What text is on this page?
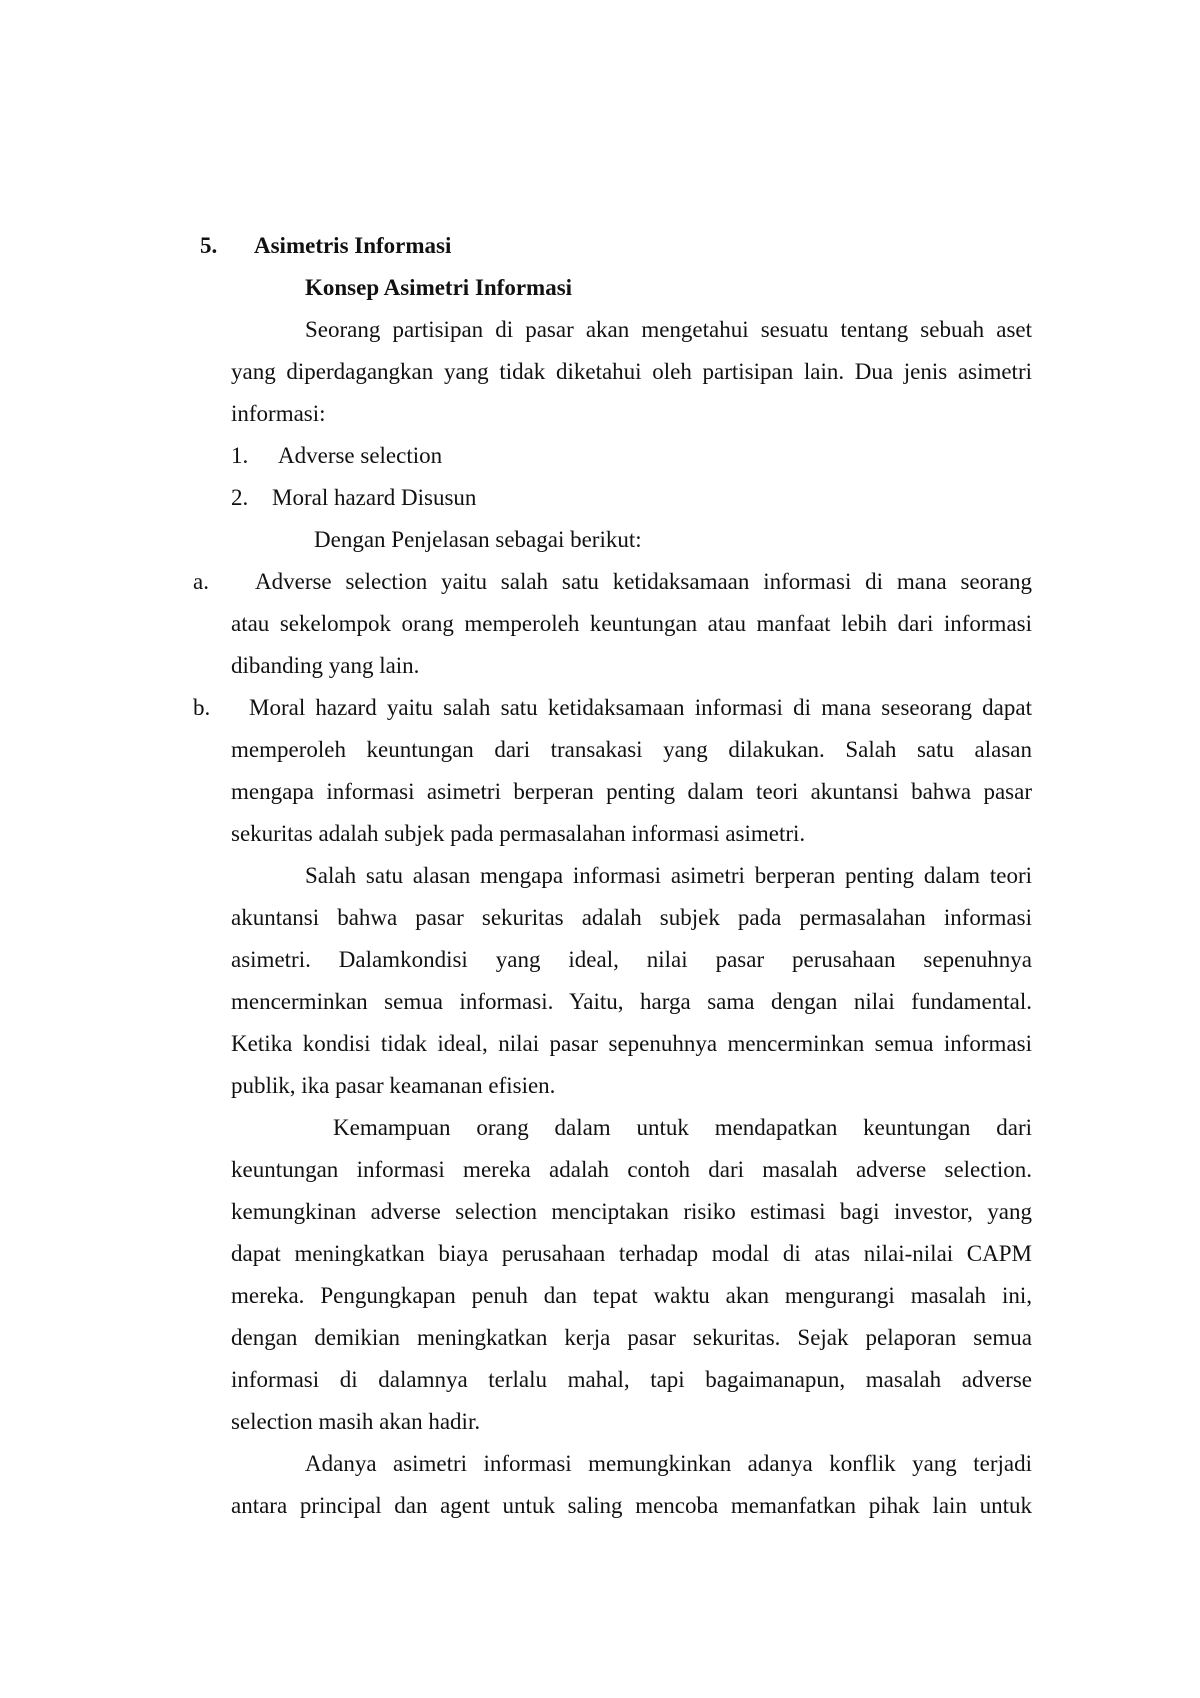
5. Asimetris Informasi
Konsep Asimetri Informasi
Seorang partisipan di pasar akan mengetahui sesuatu tentang sebuah aset
yang diperdagangkan yang tidak diketahui oleh partisipan lain. Dua jenis asimetri
informasi:
1. Adverse selection
2. Moral hazard Disusun
Dengan Penjelasan sebagai berikut:
a. Adverse selection yaitu salah satu ketidaksamaan informasi di mana seorang
atau sekelompok orang memperoleh keuntungan atau manfaat lebih dari informasi
dibanding yang lain.
b. Moral hazard yaitu salah satu ketidaksamaan informasi di mana seseorang dapat
memperoleh keuntungan dari transakasi yang dilakukan. Salah satu alasan
mengapa informasi asimetri berperan penting dalam teori akuntansi bahwa pasar
sekuritas adalah subjek pada permasalahan informasi asimetri.
Salah satu alasan mengapa informasi asimetri berperan penting dalam teori
akuntansi bahwa pasar sekuritas adalah subjek pada permasalahan informasi
asimetri. Dalamkondisi yang ideal, nilai pasar perusahaan sepenuhnya
mencerminkan semua informasi. Yaitu, harga sama dengan nilai fundamental.
Ketika kondisi tidak ideal, nilai pasar sepenuhnya mencerminkan semua informasi
publik, ika pasar keamanan efisien.
Kemampuan orang dalam untuk mendapatkan keuntungan dari
keuntungan informasi mereka adalah contoh dari masalah adverse selection.
kemungkinan adverse selection menciptakan risiko estimasi bagi investor, yang
dapat meningkatkan biaya perusahaan terhadap modal di atas nilai-nilai CAPM
mereka. Pengungkapan penuh dan tepat waktu akan mengurangi masalah ini,
dengan demikian meningkatkan kerja pasar sekuritas. Sejak pelaporan semua
informasi di dalamnya terlalu mahal, tapi bagaimanapun, masalah adverse
selection masih akan hadir.
Adanya asimetri informasi memungkinkan adanya konflik yang terjadi
antara principal dan agent untuk saling mencoba memanfatkan pihak lain untuk
